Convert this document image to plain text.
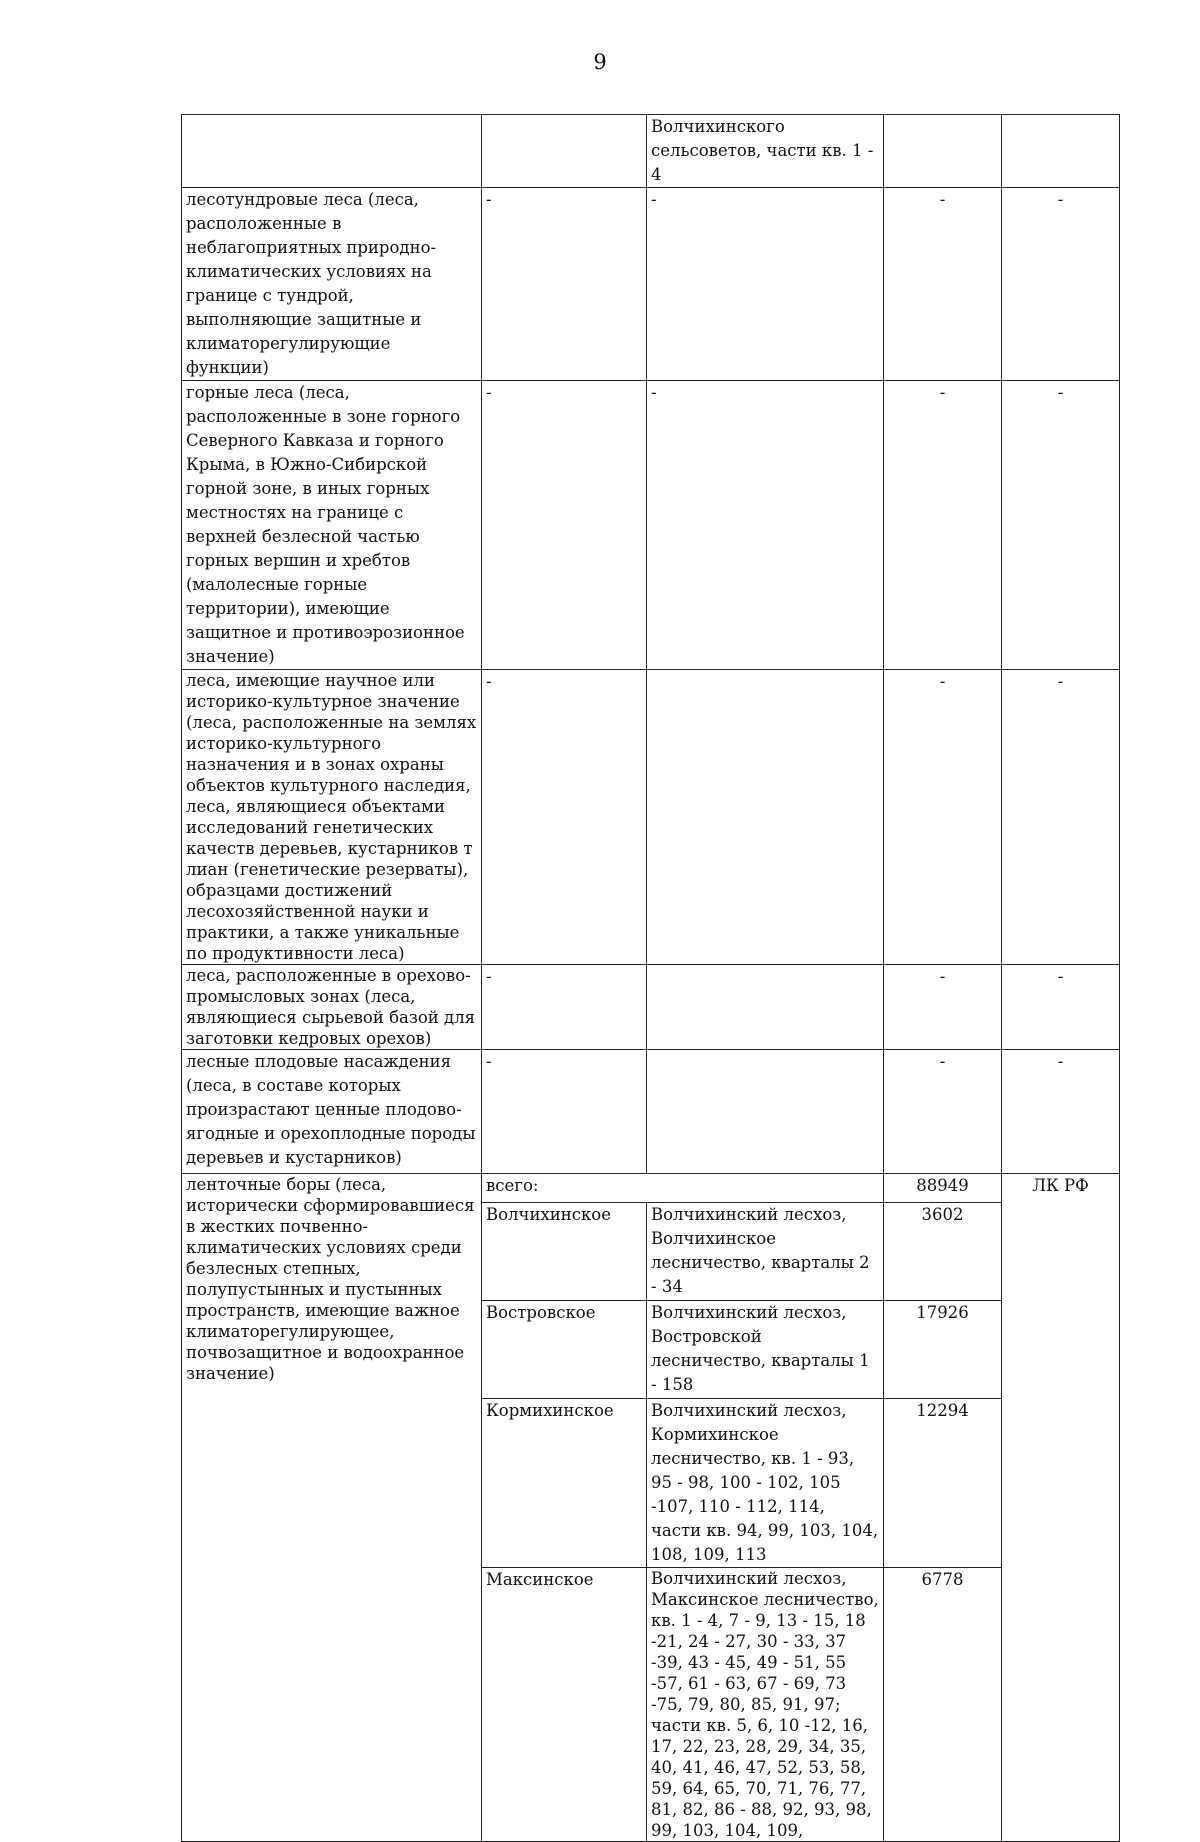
9
		Волчихинского сельсоветов, части кв. 1 - 4		
лесотундровые леса (леса, расположенные в неблагоприятных природно-климатических условиях на границе с тундрой, выполняющие защитные и климаторегулирующие функции)	-	-	-	-
горные леса (леса, расположенные в зоне горного Северного Кавказа и горного Крыма, в Южно-Сибирской горной зоне, в иных горных местностях на границе с верхней безлесной частью горных вершин и хребтов (малолесные горные территории), имеющие защитное и противоэрозионное значение)	-	-	-	-
леса, имеющие научное или историко-культурное значение (леса, расположенные на землях историко-культурного назначения и в зонах охраны объектов культурного наследия, леса, являющиеся объектами исследований генетических качеств деревьев, кустарников т лиан (генетические резерваты), образцами достижений лесохозяйственной науки и практики, а также уникальные по продуктивности леса)	-		-	-
леса, расположенные в орехово-промысловых зонах (леса, являющиеся сырьевой базой для заготовки кедровых орехов)	-		-	-
лесные плодовые насаждения (леса, в составе которых произрастают ценные плодово-ягодные и орехоплодные породы деревьев и кустарников)	-		-	-
ленточные боры (леса, исторически сформировавшиеся в жестких почвенно-климатических условиях среди безлесных степных, полупустынных и пустынных пространств, имеющие важное климаторегулирующее, почвозащитное и водоохранное значение)	всего:		88949	ЛК РФ
	Волчихинское	Волчихинский лесхоз, Волчихинское лесничество, кварталы 2 - 34	3602	
	Востровское	Волчихинский лесхоз, Востровской лесничество, кварталы 1 - 158	17926	
	Кормихинское	Волчихинский лесхоз, Кормихинское лесничество, кв. 1 - 93, 95 - 98, 100 - 102, 105 -107, 110 - 112, 114, части кв. 94, 99, 103, 104, 108, 109, 113	12294	
	Максинское	Волчихинский лесхоз, Максинское лесничество, кв. 1 - 4, 7 - 9, 13 - 15, 18 -21, 24 - 27, 30 - 33, 37 -39, 43 - 45, 49 - 51, 55 -57, 61 - 63, 67 - 69, 73 -75, 79, 80, 85, 91, 97; части кв. 5, 6, 10 -12, 16, 17, 22, 23, 28, 29, 34, 35, 40, 41, 46, 47, 52, 53, 58, 59, 64, 65, 70, 71, 76, 77, 81, 82, 86 - 88, 92, 93, 98, 99, 103, 104, 109,	6778	
